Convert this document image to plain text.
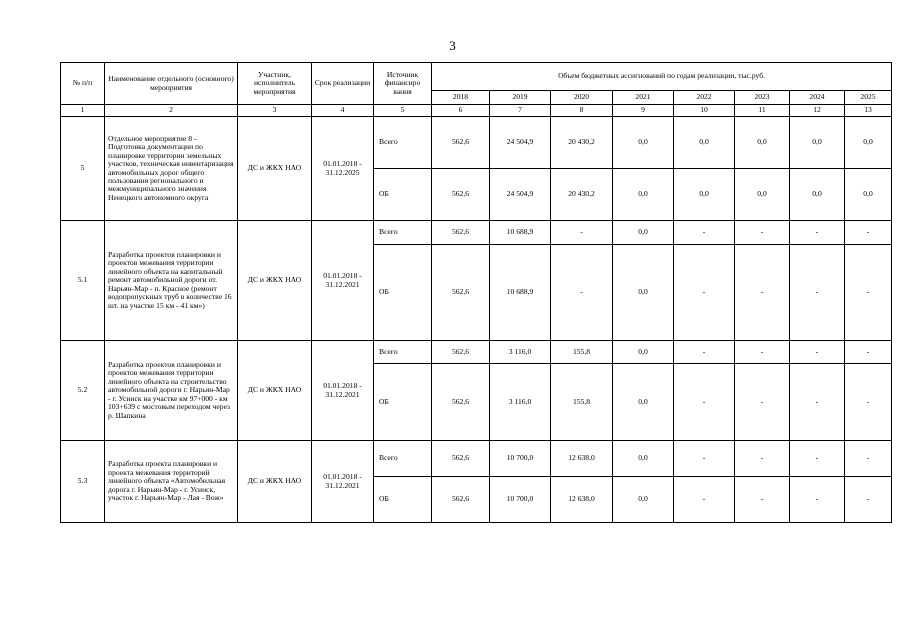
3
№ п/п	Наименование отдельного (основного) мероприятия	Участник, исполнитель мероприятия	Срок реализации	Источник финансиро вания	Объем бюджетных ассигнований по годам реализации, тыс.руб.							
					2018	2019	2020	2021	2022	2023	2024	2025
1	2	3	4	5	6	7	8	9	10	11	12	13
5	Отдельное мероприятие 8 - Подготовка документации по планировке территории земельных участков, техническая инвентаризация автомобильных дорог общего пользования регионального и межмуниципального значения Ненецкого автономного округа	ДС и ЖКХ НАО	01.01.2018 - 31.12.2025	Всего	562,6	24 504,9	20 430,2	0,0	0,0	0,0	0,0	0,0
				ОБ	562,6	24 504,9	20 430,2	0,0	0,0	0,0	0,0	0,0
5.1	Разработка проектов планировки и проектов межевания территории линейного объекта на капитальный ремонт автомобильной дороги от. Нарьян-Мар - п. Красное (ремонт водопропускных труб в количестве 16 шт. на участке 15 км - 41 км»)	ДС и ЖКХ НАО	01.01.2018 - 31.12.2021	Всего	562,6	10 688,9	-	0,0	-	-	-	-
				ОБ	562,6	10 688,9	-	0,0	-	-	-	-
5.2	Разработка проектов планировки и проектов межевания территории линейного объекта на строительство автомобильной дороги г. Нарьян-Мар - г. Усинск на участке км 97+000 - км 103+639 с мостовым переходом через р. Шапкина	ДС и ЖКХ НАО	01.01.2018 - 31.12.2021	Всего	562,6	3 116,0	155,8	0,0	-	-	-	-
				ОБ	562,6	3 116,0	155,8	0,0	-	-	-	-
5.3	Разработка проекта планировки и проекта межевания территорий линейного объекта «Автомобильная дорога г. Нарьян-Мар - г. Усинск, участок г. Нарьян-Мар - Лая - Вож»	ДС и ЖКХ НАО	01.01.2018 - 31.12.2021	Всего	562,6	10 700,0	12 638,0	0,0	-	-	-	-
				ОБ	562,6	10 700,0	12 638,0	0,0	-	-	-	-
